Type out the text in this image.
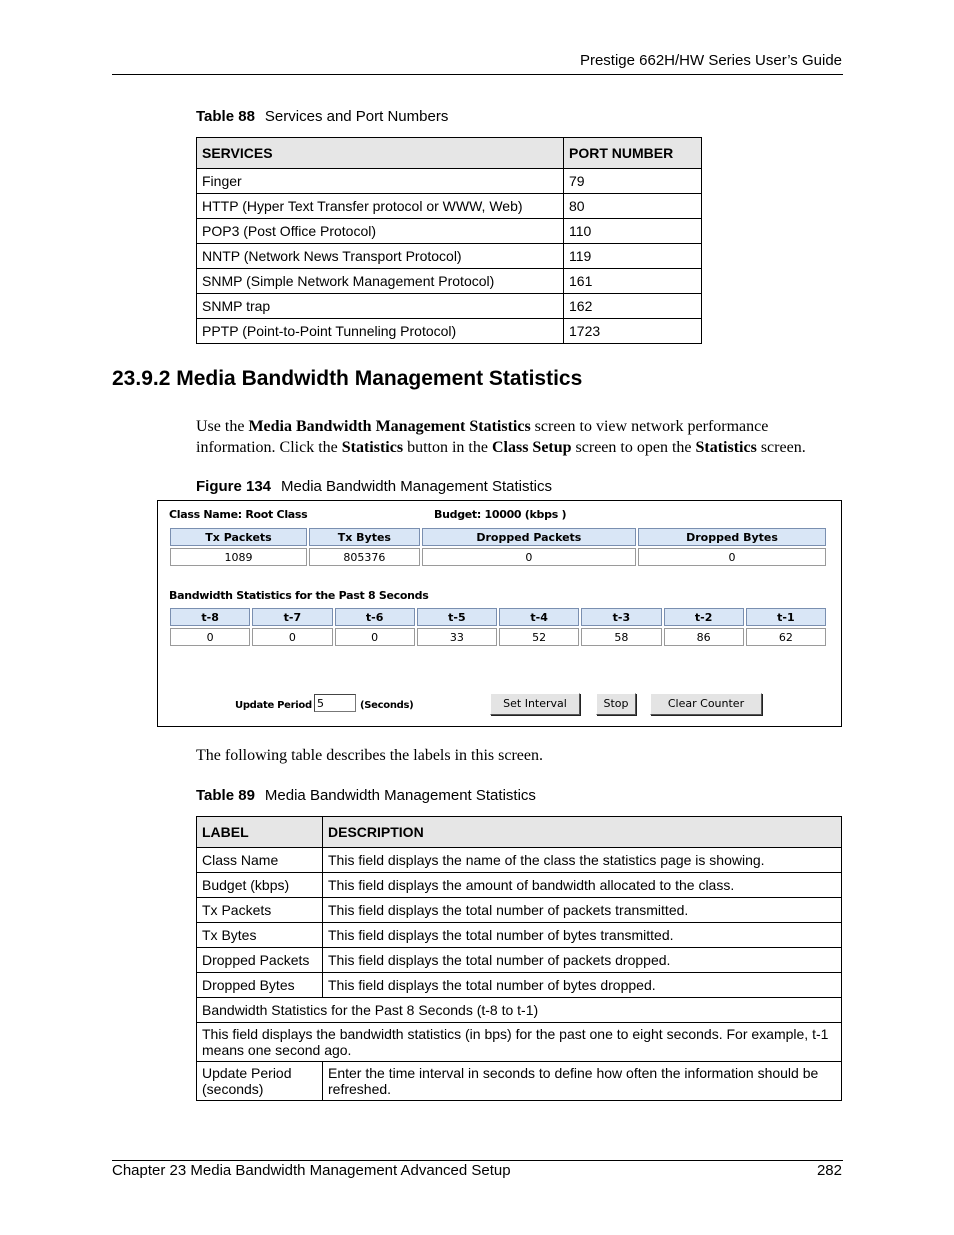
Prestige 662H/HW Series User’s Guide
Table 88 Services and Port Numbers
SERVICES	PORT NUMBER
Finger	79
HTTP (Hyper Text Transfer protocol or WWW, Web)	80
POP3 (Post Office Protocol)	110
NNTP (Network News Transport Protocol)	119
SNMP (Simple Network Management Protocol)	161
SNMP trap	162
PPTP (Point-to-Point Tunneling Protocol)	1723
23.9.2 Media Bandwidth Management Statistics
Use the Media Bandwidth Management Statistics screen to view network performance information. Click the Statistics button in the Class Setup screen to open the Statistics screen.
Figure 134 Media Bandwidth Management Statistics
Class Name: Root Class	Budget: 10000 (kbps )
Tx Packets	Tx Bytes	Dropped Packets	Dropped Bytes
1089	805376	0	0
Bandwidth Statistics for the Past 8 Seconds
t-8	t-7	t-6	t-5	t-4	t-3	t-2	t-1
0	0	0	33	52	58	86	62
Update Period 5	(Seconds)	Set Interval	Stop	Clear Counter
The following table describes the labels in this screen.
Table 89 Media Bandwidth Management Statistics
LABEL	DESCRIPTION
Class Name	This field displays the name of the class the statistics page is showing.
Budget (kbps)	This field displays the amount of bandwidth allocated to the class.
Tx Packets	This field displays the total number of packets transmitted.
Tx Bytes	This field displays the total number of bytes transmitted.
Dropped Packets	This field displays the total number of packets dropped.
Dropped Bytes	This field displays the total number of bytes dropped.
Bandwidth Statistics for the Past 8 Seconds (t-8 to t-1)	
This field displays the bandwidth statistics (in bps) for the past one to eight seconds. For example, t-1 means one second ago.	
Update Period (seconds)	Enter the time interval in seconds to define how often the information should be refreshed.
Chapter 23 Media Bandwidth Management Advanced Setup	282
